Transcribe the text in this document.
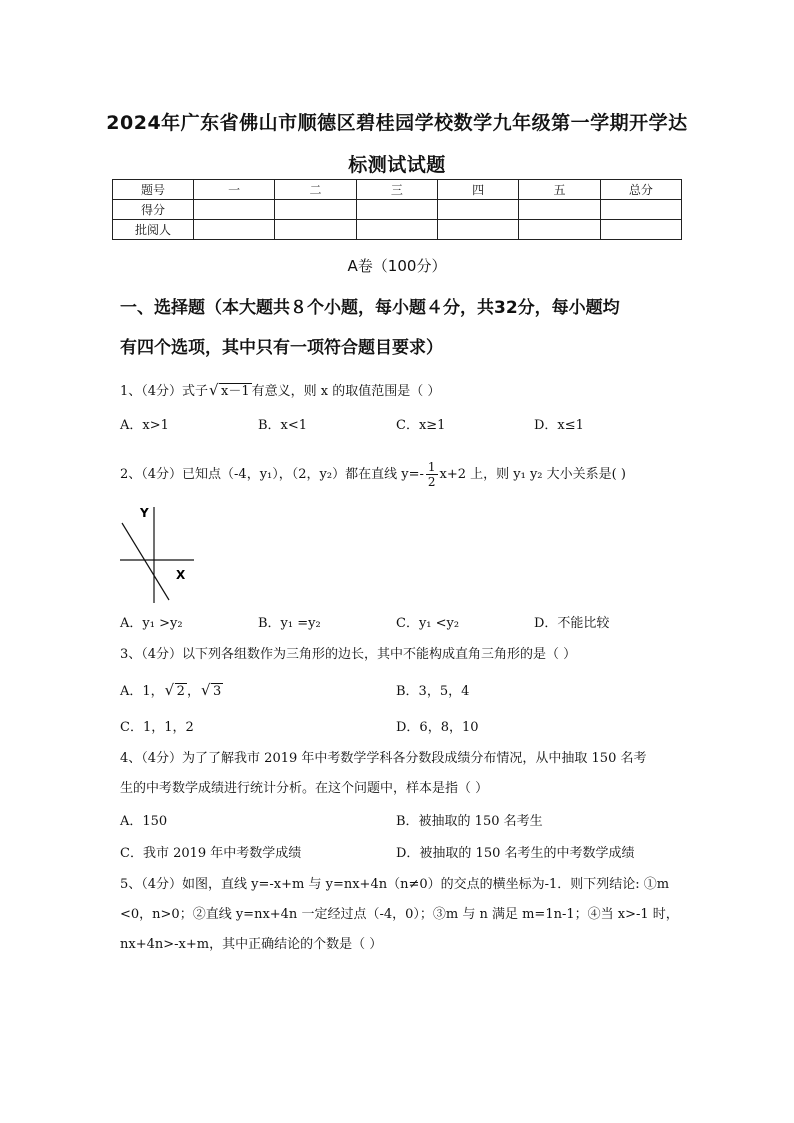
2024年广东省佛山市顺德区碧桂园学校数学九年级第一学期开学达
标测试试题
题号	一	二	三	四	五	总分
得分						
批阅人						
A卷（100分）
一、选择题（本大题共８个小题，每小题４分，共32分，每小题均
有四个选项，其中只有一项符合题目要求）
1、（4分）式子 √ x－1 有意义，则 x 的取值范围是（ ）
A．x>1	B．x<1	C．x≥1	D．x≤1
2、（4分）已知点（-4，y₁），（2，y₂）都在直线 $y=- \frac{1}{2} x+2$ 上，则 y₁ y₂ 大小关系是( )
Y
X
A．y₁ >y₂	B．y₁ =y₂	C．y₁ <y₂	D．不能比较
3、（4分）以下列各组数作为三角形的边长，其中不能构成直角三角形的是（ ）
A．1， √ 2 ， √ 3	B．3，5，4
C．1，1，2	D．6，8，10
4、（4分）为了了解我市 2019 年中考数学学科各分数段成绩分布情况，从中抽取 150 名考
生的中考数学成绩进行统计分析。在这个问题中，样本是指（ ）
A．150	B．被抽取的 150 名考生
C．我市 2019 年中考数学成绩	D．被抽取的 150 名考生的中考数学成绩
5、（4分）如图，直线 y=-x+m 与 y=nx+4n（n≠0）的交点的横坐标为-1．则下列结论: ①m
<0，n>0；②直线 y=nx+4n 一定经过点（-4，0）；③m 与 n 满足 m=1n-1；④当 x>-1 时，
nx+4n>-x+m，其中正确结论的个数是（ ）
